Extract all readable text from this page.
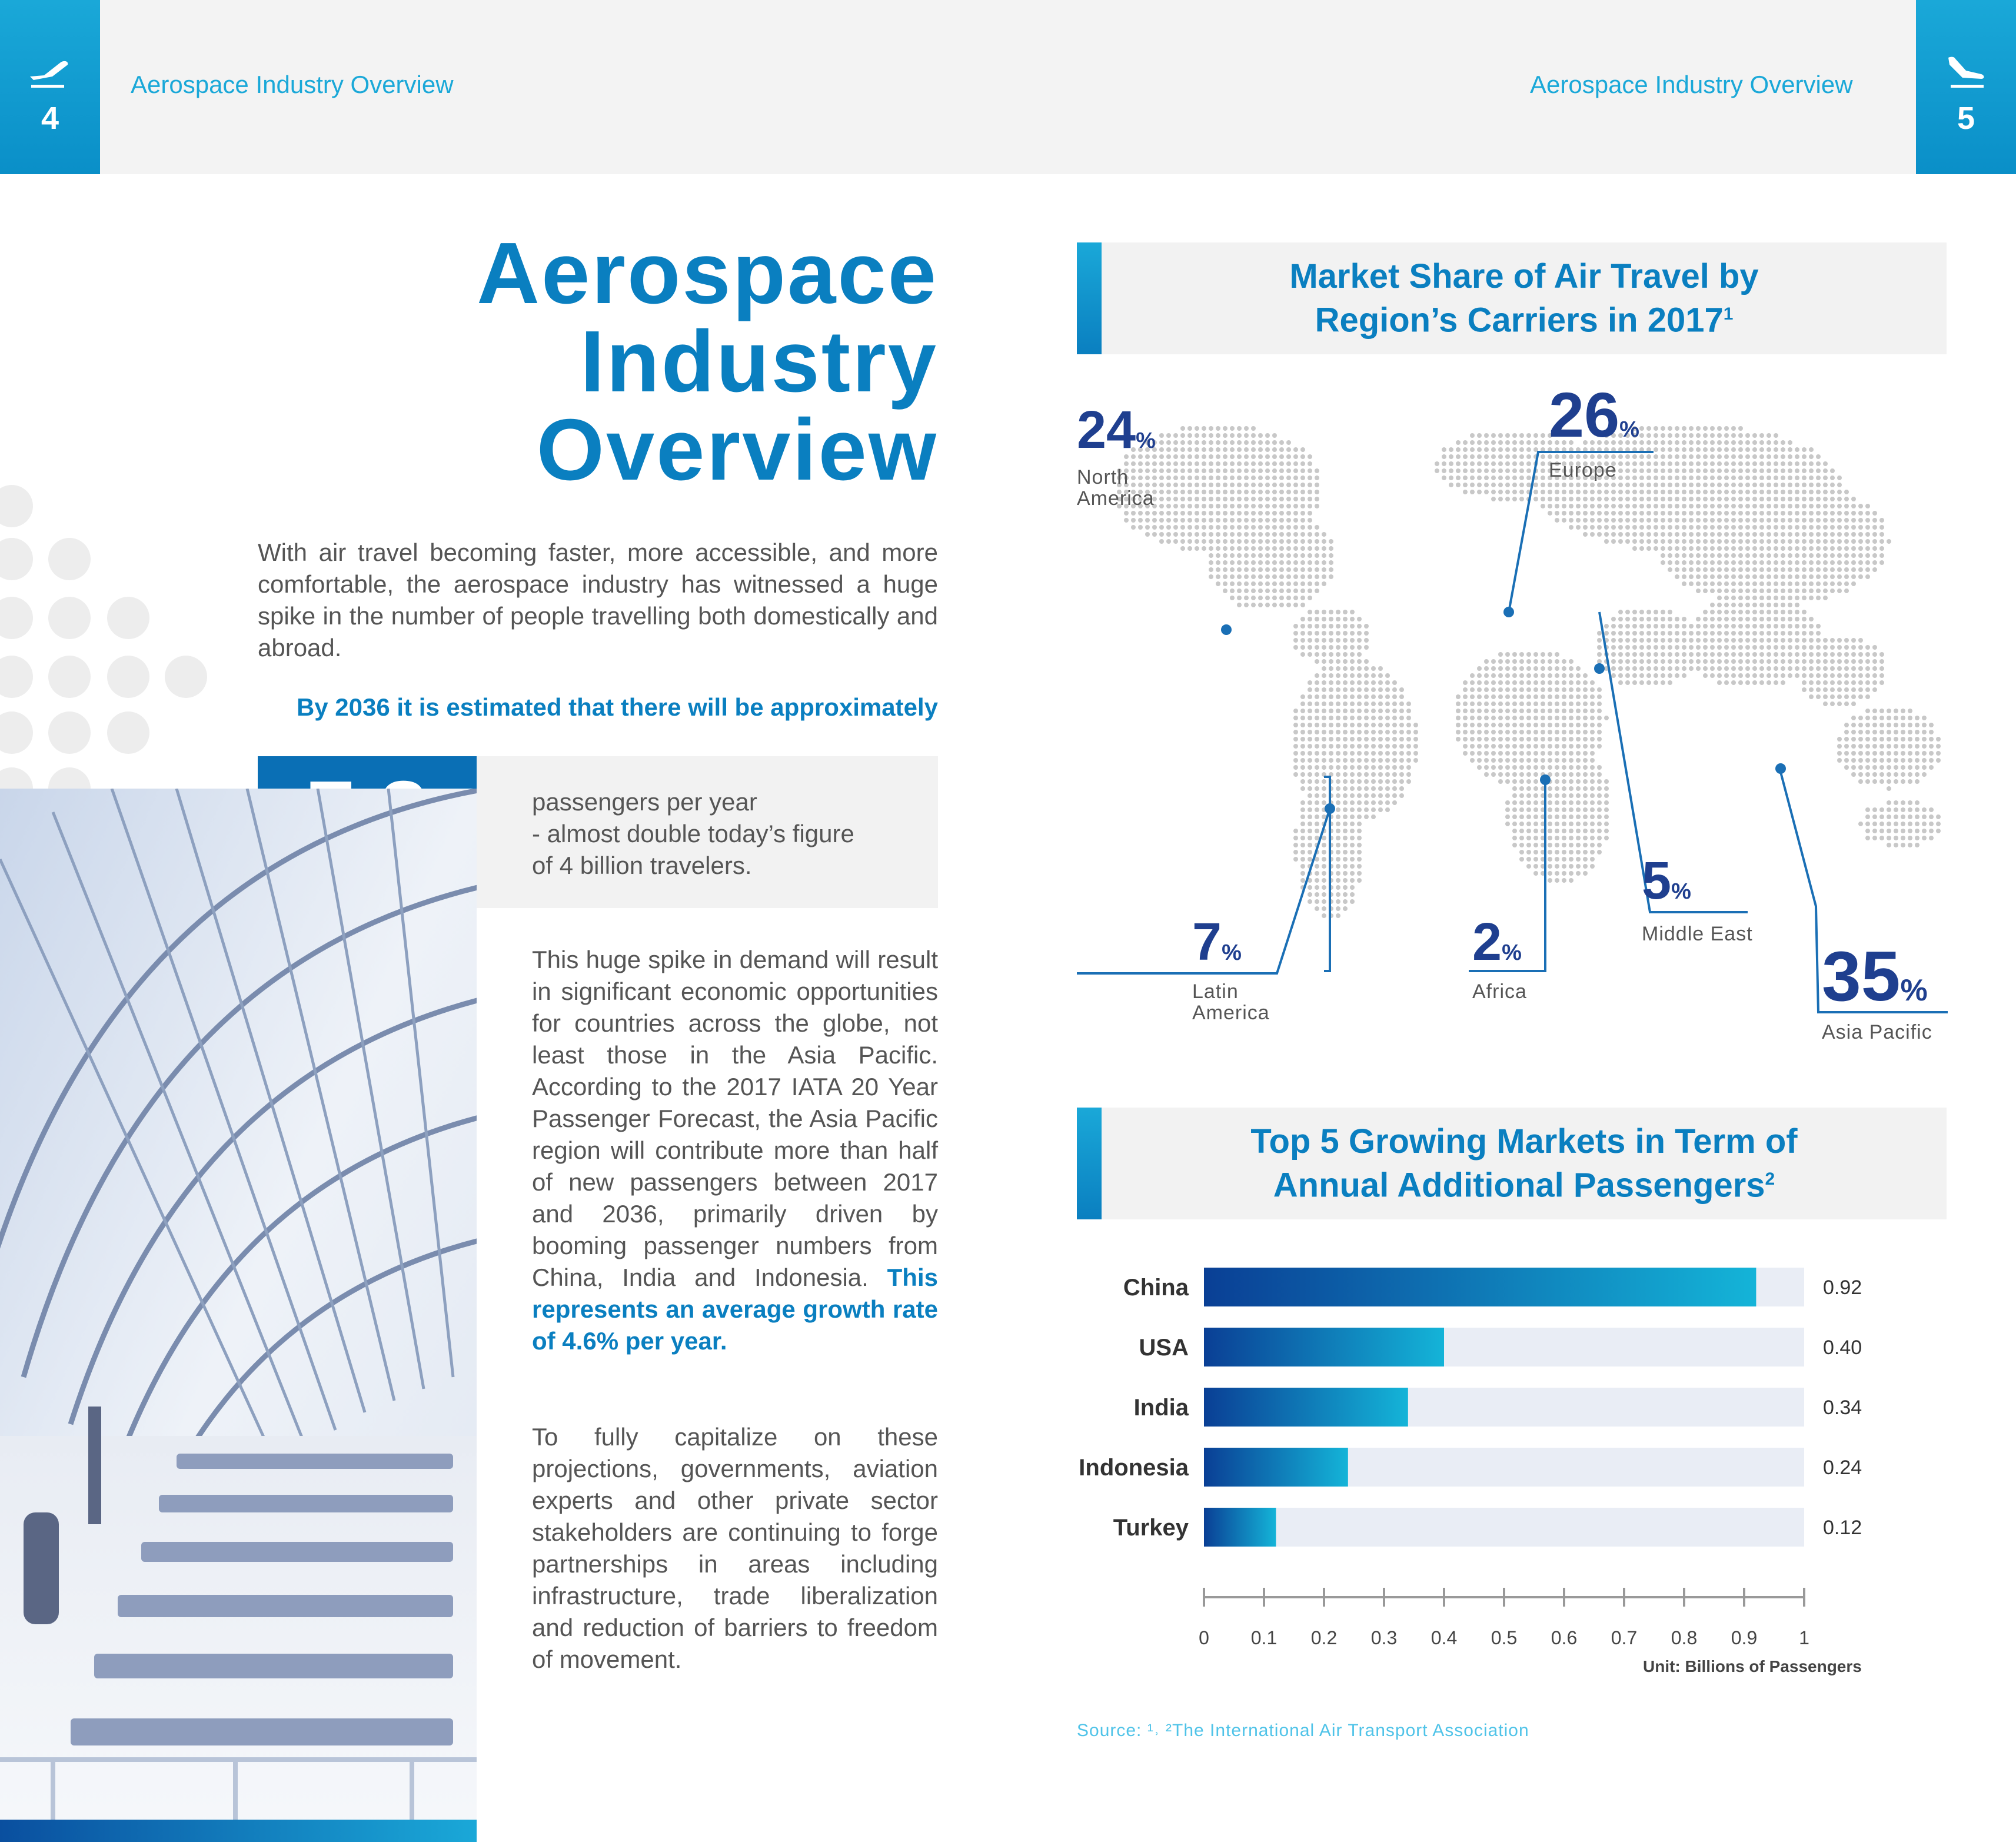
4
Aerospace Industry Overview	Aerospace Industry Overview
5
Aerospace
Industry
Overview
With air travel becoming faster, more accessible, and more comfortable, the aerospace industry has witnessed a huge spike in the number of people travelling both domestically and abroad.
By 2036 it is estimated that there will be approximately
passengers per year
- almost double today’s figure
of 4 billion travelers.
This huge spike in demand will result in significant economic opportunities for countries across the globe, not least those in the Asia Pacific. According to the 2017 IATA 20 Year Passenger Forecast, the Asia Pacific region will contribute more than half of new passengers between 2017 and 2036, primarily driven by booming passenger numbers from China, India and Indonesia. This represents an average growth rate of 4.6% per year.
To fully capitalize on these projections, governments, aviation experts and other private sector stakeholders are continuing to forge partnerships in areas including infrastructure, trade liberalization and reduction of barriers to freedom of movement.
Market Share of Air Travel by
Region’s Carriers in 2017$^1$
24%
North
America
26%
Europe
5%
Middle East
7%
Latin
America
2%
Africa	35%
Asia Pacific
Top 5 Growing Markets in Term of
Annual Additional Passengers$^2$
China	0.92
USA	0.40
India	0.34
Indonesia	0.24
Turkey	0.12
0 0.1 0.2 0.3 0.4 0.5 0.6 0.7 0.8 0.9 1
Unit: Billions of Passengers
Source: ¹˒ ²The International Air Transport Association
